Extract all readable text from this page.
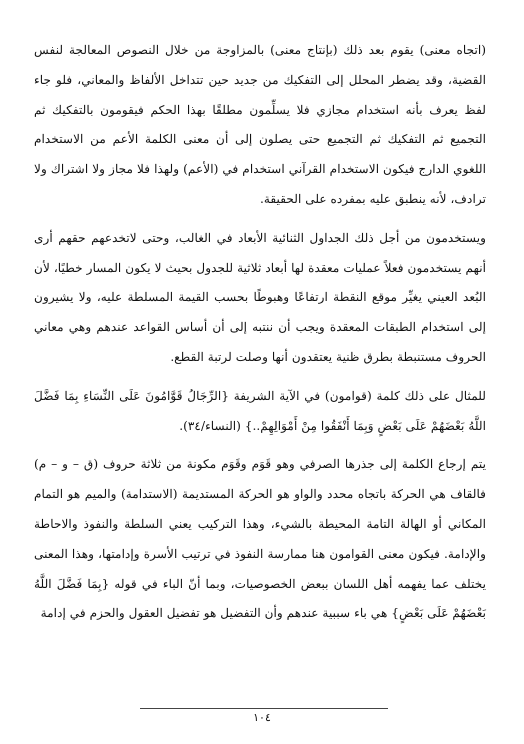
(اتجاه معنى) يقوم بعد ذلك (بإنتاج معنى) بالمزاوجة من خلال النصوص المعالجة لنفس القضية، وقد يضطر المحلل إلى التفكيك من جديد حين تتداخل الألفاظ والمعاني، فلو جاء لفظ يعرف بأنه استخدام مجازي فلا يسلِّمون مطلقًا بهذا الحكم فيقومون بالتفكيك ثم التجميع ثم التفكيك ثم التجميع حتى يصلون إلى أن معنى الكلمة الأعم من الاستخدام اللغوي الدارج فيكون الاستخدام القرآني استخدام في (الأعم) ولهذا فلا مجاز ولا اشتراك ولا ترادف، لأنه ينطبق عليه بمفرده على الحقيقة.

ويستخدمون من أجل ذلك الجداول الثنائية الأبعاد في الغالب، وحتى لاتخدعهم حقهم أرى أنهم يستخدمون فعلاً عمليات معقدة لها أبعاد ثلاثية للجدول بحيث لا يكون المسار خطيًا، لأن البُعد العيني يغيِّر موقع النقطة ارتفاعًا وهبوطًا بحسب القيمة المسلطة عليه، ولا يشيرون إلى استخدام الطبقات المعقدة ويجب أن ننتبه إلى أن أساس القواعد عندهم وهي معاني الحروف مستنبطة بطرق ظنية يعتقدون أنها وصلت لرتبة القطع.

للمثال على ذلك كلمة (قوامون) في الآية الشريفة {الرِّجَالُ قَوَّامُونَ عَلَى النِّسَاءِ بِمَا فَضَّلَ اللَّهُ بَعْضَهُمْ عَلَى بَعْضٍ وَبِمَا أَنْفَقُوا مِنْ أَمْوَالِهِمْ..} (النساء/٣٤).

يتم إرجاع الكلمة إلى جذرها الصرفي وهو قَوَم وقَوَم مكونة من ثلاثة حروف (ق – و – م) فالقاف هي الحركة باتجاه محدد والواو هو الحركة المستديمة (الاستدامة) والميم هو التمام المكاني أو الهالة التامة المحيطة بالشيء، وهذا التركيب يعني السلطة والنفوذ والاحاطة والإدامة. فيكون معنى القوامون هنا ممارسة النفوذ في ترتيب الأسرة وإدامتها، وهذا المعنى يختلف عما يفهمه أهل اللسان ببعض الخصوصيات، وبما أنّ الباء في قوله {بِمَا فَضَّلَ اللَّهُ بَعْضَهُمْ عَلَى بَعْضٍ} هي باء سببية عندهم وأن التفضيل هو تفضيل العقول والحزم في إدامة

١٠٤
